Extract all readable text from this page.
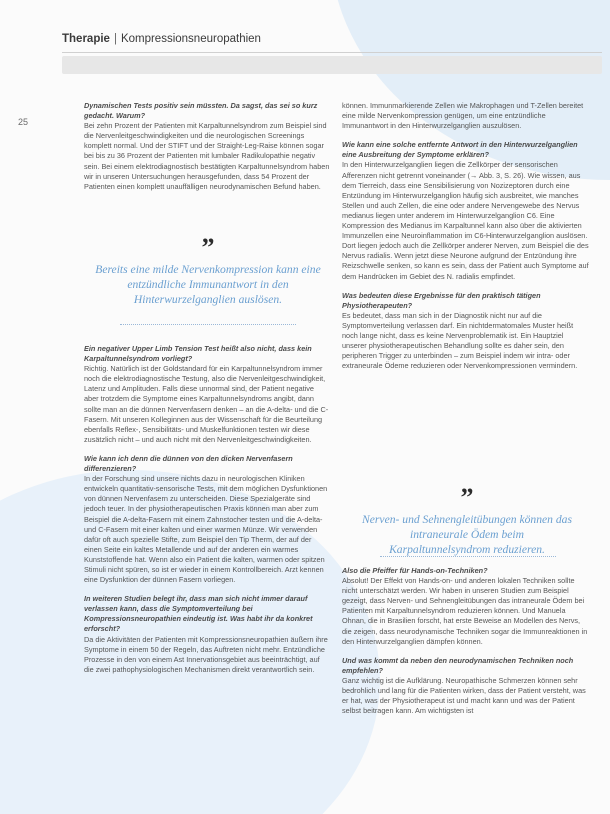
Therapie | Kompressionsneuropathien
25

Dynamischen Tests positiv sein müssten. Da sagst, das sei so kurz gedacht. Warum?
Bei zehn Prozent der Patienten mit Karpaltunnelsyndrom zum Beispiel sind die Nervenleitgeschwindigkeiten und die neurologischen Screenings komplett normal. Und der STIFT und der Straight-Leg-Raise können sogar bei bis zu 36 Prozent der Patienten mit lumbaler Radikulopathie negativ sein. Bei einem elektrodiagnostisch bestätigten Karpaltunnelsyndrom haben wir in unseren Untersuchungen herausgefunden, dass 54 Prozent der Patienten einen komplett unauffälligen neurodynamischen Befund haben.

”
Bereits eine milde Nervenkompression kann eine entzündliche Immunantwort in den Hinterwurzelganglien auslösen.

Ein negativer Upper Limb Tension Test heißt also nicht, dass kein Karpaltunnelsyndrom vorliegt?
Richtig. Natürlich ist der Goldstandard für ein Karpaltunnelsyndrom immer noch die elektrodiagnostische Testung, also die Nervenleitgeschwindigkeit, Latenz und Amplituden. Falls diese unnormal sind, der Patient negative aber trotzdem die Symptome eines Karpaltunnelsyndroms angibt, dann sollte man an die dünnen Nervenfasern denken – an die A-delta- und die C-Fasern. Mit unseren Kolleginnen aus der Wissenschaft für die Beurteilung ebenfalls Reflex-, Sensibilitäts- und Muskelfunktionen testen wir diese zusätzlich nicht – und auch nicht mit den Nervenleitgeschwindigkeiten.

Wie kann ich denn die dünnen von den dicken Nervenfasern differenzieren?
In der Forschung sind unsere nichts dazu in neurologischen Kliniken entwickeln quantitativ-sensorische Tests, mit dem möglichen Dysfunktionen von dünnen Nervenfasern zu unterscheiden. Diese Spezialgeräte sind jedoch teuer. In der physiotherapeutischen Praxis können man aber zum Beispiel die A-delta-Fasern mit einem Zahnstocher testen und die A-delta- und C-Fasern mit einer kalten und einer warmen Münze. Wir verwenden dafür oft auch spezielle Stifte, zum Beispiel den Tip Therm, der auf der einen Seite ein kaltes Metallende und auf der anderen ein warmes Kunststoffende hat. Wenn also ein Patient die kalten, warmen oder spitzen Stimuli nicht spüren, so ist er wieder in einem Kontrollbereich. Arzt kennen eine Dysfunktion der dünnen Fasern vorliegen.

In weiteren Studien belegt ihr, dass man sich nicht immer darauf verlassen kann, dass die Symptomverteilung bei Kompressionsneuropathien eindeutig ist. Was habt ihr da konkret erforscht?
Da die Aktivitäten der Patienten mit Kompressionsneuropathien äußern ihre Symptome in einem 50 der Regeln, das Auftreten nicht mehr. Entzündliche Prozesse in den von einem Ast Innervationsgebiet aus beeinträchtigt, auf die zwei pathophysiologischen Mechanismen direkt verantwortlich sein.

können. Immunmarkierende Zellen wie Makrophagen und T-Zellen bereitet eine milde Nervenkompression genügen, um eine entzündliche Immunantwort in den Hinterwurzelganglien auszulösen.

Wie kann eine solche entfernte Antwort in den Hinterwurzelganglien eine Ausbreitung der Symptome erklären?
In den Hinterwurzelganglien liegen die Zellkörper der sensorischen Afferenzen nicht getrennt voneinander (→ Abb. 3, S. 26). Wie wissen, aus dem Tierreich, dass eine Sensibilisierung von Nozizeptoren durch eine Entzündung im Hinterwurzelganglion häufig sich ausbreitet, wie manches Stellen und auch Zellen, die eine oder andere Nervengewebe des Nervus medianus liegen unter anderem im Hinterwurzelganglion C6. Eine Kompression des Medianus im Karpaltunnel kann also über die aktivierten Immunzellen eine Neuroinflammation im C6-Hinterwurzelganglion auslösen. Dort liegen jedoch auch die Zellkörper anderer Nerven, zum Beispiel die des Nervus radialis. Wenn jetzt diese Neurone aufgrund der Entzündung ihre Reizschwelle senken, so kann es sein, dass der Patient auch Symptome auf dem Handrücken im Gebiet des N. radialis empfindet.

Was bedeuten diese Ergebnisse für den praktisch tätigen Physiotherapeuten?
Es bedeutet, dass man sich in der Diagnostik nicht nur auf die Symptomverteilung verlassen darf. Ein nichtdermatomales Muster heißt noch lange nicht, dass es keine Nervenproblematik ist. Ein Hauptziel unserer physiotherapeutischen Behandlung sollte es daher sein, den peripheren Trigger zu unterbinden – zum Beispiel indem wir intra- oder extraneurale Ödeme reduzieren oder Nervenkompressionen vermindern.

”
Nerven- und Sehnengleitübungen können das intraneurale Ödem beim Karpaltunnelsyndrom reduzieren.

Also die Pfeiffer für Hands-on-Techniken?
Absolut! Der Effekt von Hands-on- und anderen lokalen Techniken sollte nicht unterschätzt werden. Wir haben in unseren Studien zum Beispiel gezeigt, dass Nerven- und Sehnengleitübungen das intraneurale Ödem bei Patienten mit Karpaltunnelsyndrom reduzieren können. Und Manuela Ohnan, die in Brasilien forscht, hat erste Beweise an Modellen des Nervs, die zeigen, dass neurodynamische Techniken sogar die Immunreaktionen in den Hinterwurzelganglien dämpfen können.

Und was kommt da neben den neurodynamischen Techniken noch empfehlen?
Ganz wichtig ist die Aufklärung. Neuropathische Schmerzen können sehr bedrohlich und lang für die Patienten wirken, dass der Patient versteht, was er hat, was der Physiotherapeut ist und macht kann und was der Patient selbst beitragen kann. Am wichtigsten ist
